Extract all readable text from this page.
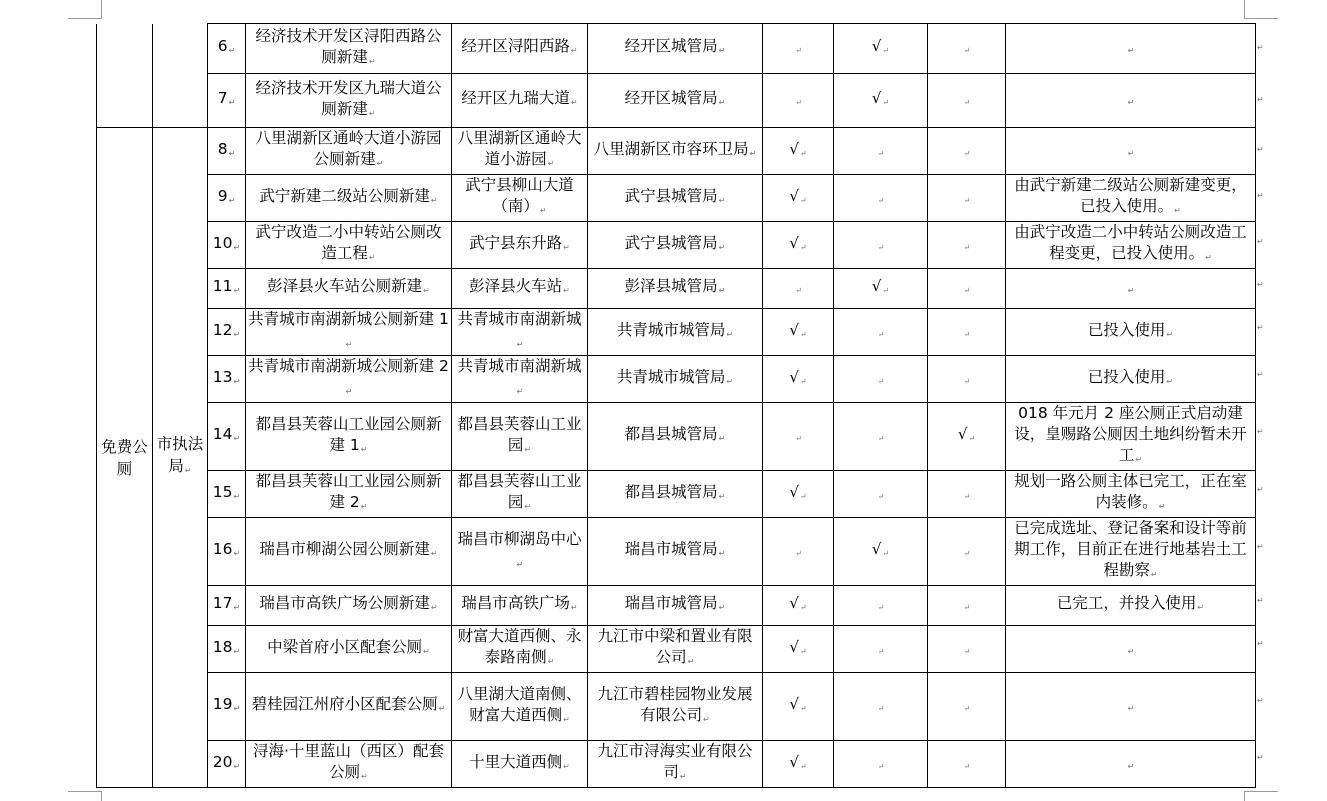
		6↵	经济技术开发区浔阳西路公厕新建↵	经开区浔阳西路↵	经开区城管局↵	↵	√↵	↵	↵
		7↵	经济技术开发区九瑞大道公厕新建↵	经开区九瑞大道↵	经开区城管局↵	↵	√↵	↵	↵
免费公厕	市执法局↵	8↵	八里湖新区通岭大道小游园公厕新建↵	八里湖新区通岭大道小游园↵	八里湖新区市容环卫局↵	√↵	↵	↵	↵
		9↵	武宁新建二级站公厕新建↵	武宁县柳山大道（南）↵	武宁县城管局↵	√↵	↵	↵	由武宁新建二级站公厕新建变更，已投入使用。↵
		10↵	武宁改造二小中转站公厕改造工程↵	武宁县东升路↵	武宁县城管局↵	√↵	↵	↵	由武宁改造二小中转站公厕改造工程变更，已投入使用。↵
		11↵	彭泽县火车站公厕新建↵	彭泽县火车站↵	彭泽县城管局↵	↵	√↵	↵	↵
		12↵	共青城市南湖新城公厕新建 1↵	共青城市南湖新城↵	共青城市城管局↵	√↵	↵	↵	已投入使用↵
		13↵	共青城市南湖新城公厕新建 2↵	共青城市南湖新城↵	共青城市城管局↵	√↵	↵	↵	已投入使用↵
		14↵	都昌县芙蓉山工业园公厕新建 1↵	都昌县芙蓉山工业园↵	都昌县城管局↵	↵	↵	√↵	018 年元月 2 座公厕正式启动建设，皇赐路公厕因土地纠纷暂未开工↵
		15↵	都昌县芙蓉山工业园公厕新建 2↵	都昌县芙蓉山工业园↵	都昌县城管局↵	√↵	↵	↵	规划一路公厕主体已完工，正在室内装修。↵
		16↵	瑞昌市柳湖公园公厕新建↵	瑞昌市柳湖岛中心↵	瑞昌市城管局↵	↵	√↵	↵	已完成选址、登记备案和设计等前期工作，目前正在进行地基岩土工程勘察↵
		17↵	瑞昌市高铁广场公厕新建↵	瑞昌市高铁广场↵	瑞昌市城管局↵	√↵	↵	↵	已完工，并投入使用↵
		18↵	中梁首府小区配套公厕↵	财富大道西侧、永泰路南侧↵	九江市中梁和置业有限公司↵	√↵	↵	↵	↵
		19↵	碧桂园江州府小区配套公厕↵	八里湖大道南侧、财富大道西侧↵	九江市碧桂园物业发展有限公司↵	√↵	↵	↵	↵
		20↵	浔海·十里蓝山（西区）配套公厕↵	十里大道西侧↵	九江市浔海实业有限公司↵	√↵	↵	↵	↵
↵
↵
↵
↵
↵
↵
↵
↵
↵
↵
↵
↵
↵
↵
↵
